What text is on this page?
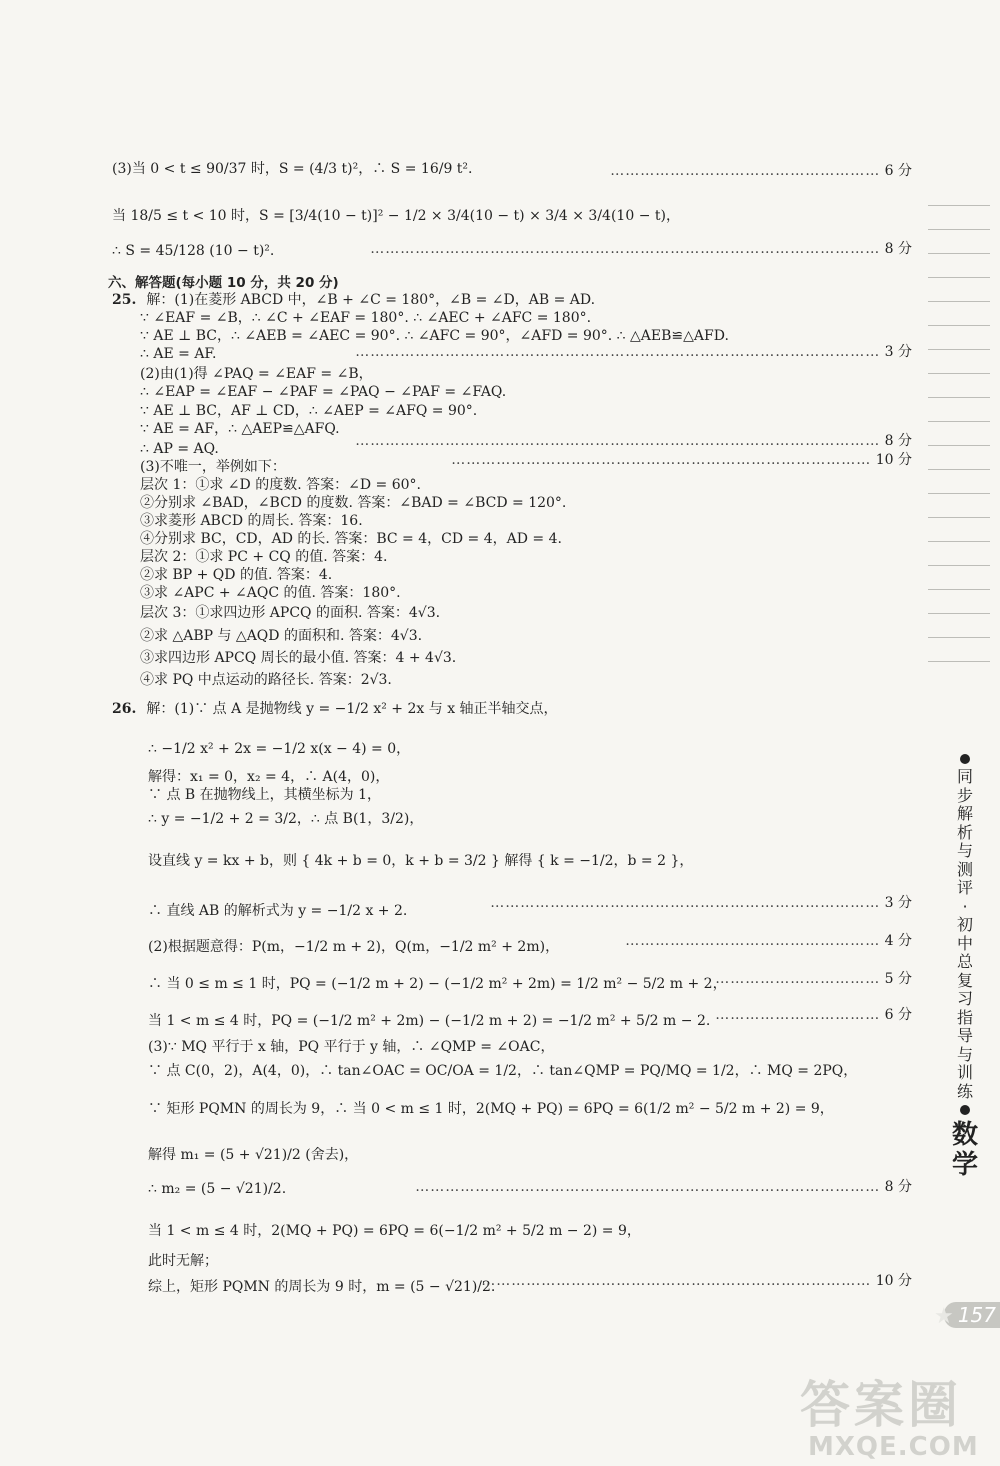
(3)当 0 < t ≤ 90/37 时，S = (4/3 t)²，∴ S = 16/9 t².	……………………………………………… 6 分
当 18/5 ≤ t < 10 时，S = [3/4(10 − t)]² − 1/2 × 3/4(10 − t) × 3/4 × 3/4(10 − t)，
∴ S = 45/128 (10 − t)².	………………………………………………………………………………………… 8 分
六、解答题(每小题 10 分，共 20 分)
25. 解：(1)在菱形 ABCD 中，∠B + ∠C = 180°，∠B = ∠D，AB = AD.
∵ ∠EAF = ∠B，∴ ∠C + ∠EAF = 180°. ∴ ∠AEC + ∠AFC = 180°.
∵ AE ⊥ BC，∴ ∠AEB = ∠AEC = 90°. ∴ ∠AFC = 90°，∠AFD = 90°. ∴ △AEB≌△AFD.
∴ AE = AF.	…………………………………………………………………………………………… 3 分
(2)由(1)得 ∠PAQ = ∠EAF = ∠B，
∴ ∠EAP = ∠EAF − ∠PAF = ∠PAQ − ∠PAF = ∠FAQ.
∵ AE ⊥ BC，AF ⊥ CD，∴ ∠AEP = ∠AFQ = 90°.
∵ AE = AF，∴ △AEP≌△AFQ.
∴ AP = AQ.	…………………………………………………………………………………………… 8 分
(3)不唯一，举例如下：	………………………………………………………………………… 10 分
层次 1：①求 ∠D 的度数. 答案：∠D = 60°.
②分别求 ∠BAD，∠BCD 的度数. 答案：∠BAD = ∠BCD = 120°.
③求菱形 ABCD 的周长. 答案：16.
④分别求 BC，CD，AD 的长. 答案：BC = 4，CD = 4，AD = 4.
层次 2：①求 PC + CQ 的值. 答案：4.
②求 BP + QD 的值. 答案：4.
③求 ∠APC + ∠AQC 的值. 答案：180°.
层次 3：①求四边形 APCQ 的面积. 答案：4√3.
②求 △ABP 与 △AQD 的面积和. 答案：4√3.
③求四边形 APCQ 周长的最小值. 答案：4 + 4√3.
④求 PQ 中点运动的路径长. 答案：2√3.
26. 解：(1)∵ 点 A 是抛物线 y = −1/2 x² + 2x 与 x 轴正半轴交点，
∴ −1/2 x² + 2x = −1/2 x(x − 4) = 0，
解得：x₁ = 0，x₂ = 4，∴ A(4，0)，
∵ 点 B 在抛物线上，其横坐标为 1，
∴ y = −1/2 + 2 = 3/2，∴ 点 B(1，3/2)，
设直线 y = kx + b，则 { 4k + b = 0，k + b = 3/2 } 解得 { k = −1/2，b = 2 }，
∴ 直线 AB 的解析式为 y = −1/2 x + 2.	…………………………………………………………………… 3 分
(2)根据题意得：P(m，−1/2 m + 2)，Q(m，−1/2 m² + 2m)，	…………………………………………… 4 分
∴ 当 0 ≤ m ≤ 1 时，PQ = (−1/2 m + 2) − (−1/2 m² + 2m) = 1/2 m² − 5/2 m + 2，
…………………………… 5 分
当 1 < m ≤ 4 时，PQ = (−1/2 m² + 2m) − (−1/2 m + 2) = −1/2 m² + 5/2 m − 2. …………………………… 6 分
(3)∵ MQ 平行于 x 轴，PQ 平行于 y 轴，∴ ∠QMP = ∠OAC，
∵ 点 C(0，2)，A(4，0)，∴ tan∠OAC = OC/OA = 1/2，∴ tan∠QMP = PQ/MQ = 1/2，∴ MQ = 2PQ，
∵ 矩形 PQMN 的周长为 9，∴ 当 0 < m ≤ 1 时，2(MQ + PQ) = 6PQ = 6(1/2 m² − 5/2 m + 2) = 9，
解得 m₁ = (5 + √21)/2 (舍去)，
∴ m₂ = (5 − √21)/2.	………………………………………………………………………………… 8 分
当 1 < m ≤ 4 时，2(MQ + PQ) = 6PQ = 6(−1/2 m² + 5/2 m − 2) = 9，
此时无解；
综上，矩形 PQMN 的周长为 9 时，m = (5 − √21)/2.
…………………………………………………………………… 10 分
同
步
解
析
与
测
评
·
初
中
总
复
习
指
导
与
训
练
数
学
★ 157
答案圈
MXQE.COM
